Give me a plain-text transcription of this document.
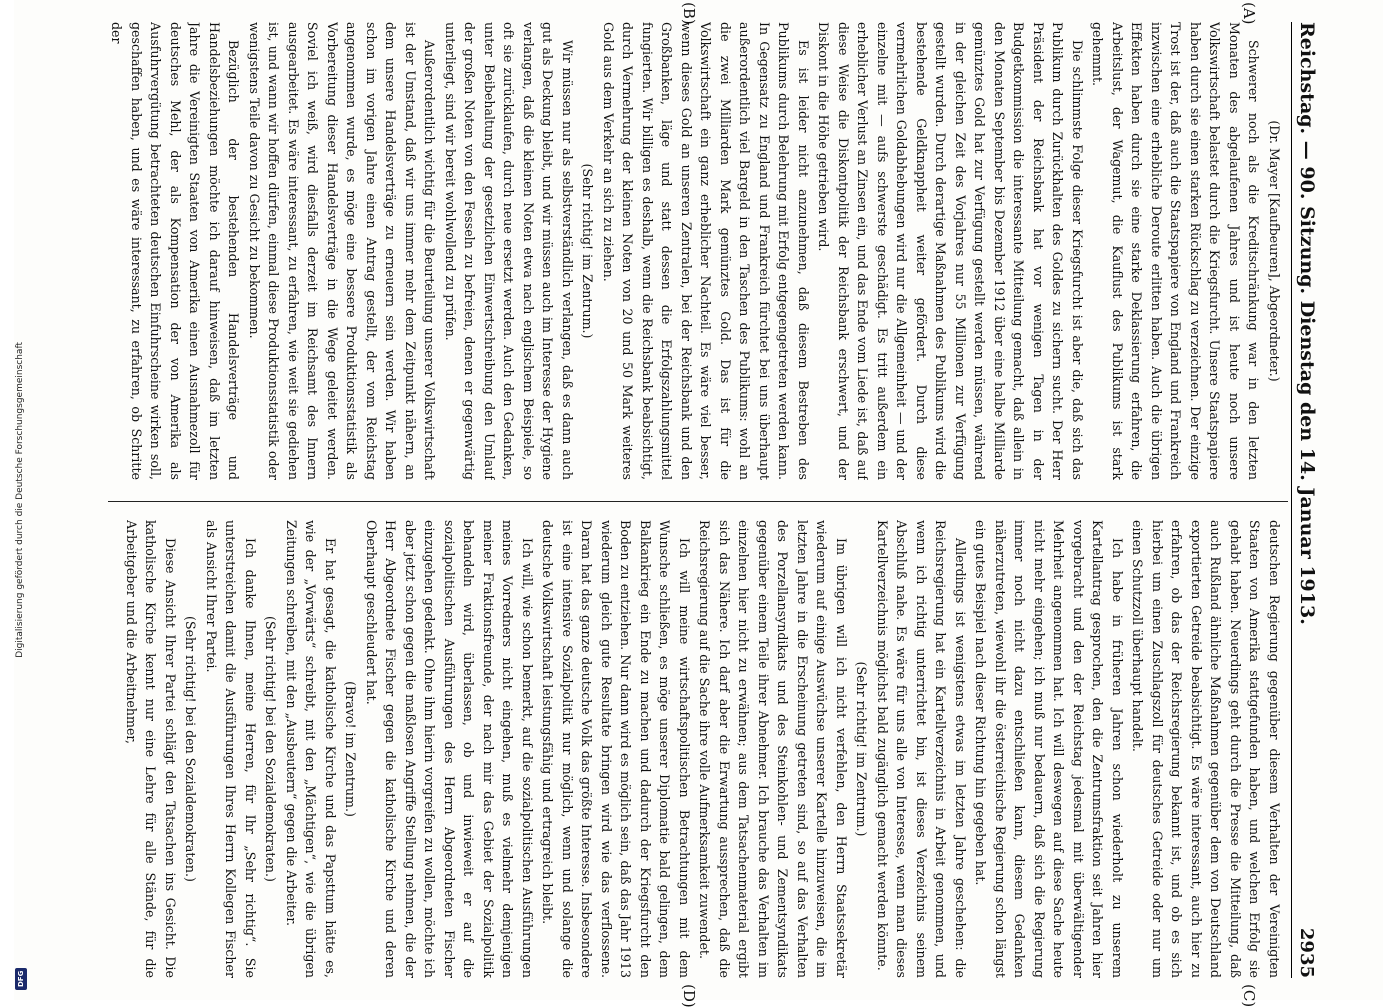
Digitalisierung gefördert durch die Deutsche Forschungsgemeinschaft
DFG
Reichstag. — 90. Sitzung. Dienstag den 14. Januar 1913.
2935
(A)
(B)
(C)
(D)

(Dr. Mayer [Kaufbeuren], Abgeordneter.)

Schwerer noch als die Kreditschränkung war in den letzten Monaten des abgelaufenen Jahres und ist heute noch unsere Volkswirtschaft belastet durch die Kriegsfurcht. Unsere Staatspapiere haben durch sie einen starken Rückschlag zu verzeichnen. Der einzige Trost ist der, daß auch die Staatspapiere von England und Frankreich inzwischen eine erhebliche Deroute erlitten haben. Auch die übrigen Effekten haben durch sie eine starke Deklassierung erfahren, die Arbeitslust, der Wagemut, die Kauflust des Publikums ist stark gehemmt.

Die schlimmste Folge dieser Kriegsfurcht ist aber die, daß sich das Publikum durch Zurückhalten des Goldes zu sichern sucht. Der Herr Präsident der Reichsbank hat vor wenigen Tagen in der Budgetkommission die interessante Mitteilung gemacht, daß allein in den Monaten September bis Dezember 1912 über eine halbe Milliarde gemünztes Gold hat zur Verfügung gestellt werden müssen, während in der gleichen Zeit des Vorjahres nur 55 Millionen zur Verfügung gestellt wurden. Durch derartige Maßnahmen des Publikums wird die bestehende Geldknappheit weiter gefördert. Durch diese vermehrlichen Goldabhebungen wird nur die Allgemeinheit — und der einzelne mit — aufs schwerste geschädigt. Es tritt außerdem ein erheblicher Verlust an Zinsen ein, und das Ende vom Liede ist, daß auf diese Weise die Diskontpolitik der Reichsbank erschwert, und der Diskont in die Höhe getrieben wird.

Es ist leider nicht anzunehmen, daß diesem Bestreben des Publikums durch Belehrung mit Erfolg entgegengetreten werden kann. In Gegensatz zu England und Frankreich fürchtet bei uns überhaupt außerordentlich viel Bargeld in den Taschen des Publikums: wohl an die zwei Milliarden Mark gemünztes Gold. Das ist für die Volkswirtschaft ein ganz erheblicher Nachteil. Es wäre viel besser, wenn dieses Gold an unseren Zentralen, bei der Reichsbank und den Großbanken, läge und statt dessen die Erfolgszahlungsmittel fungierten. Wir billigen es deshalb, wenn die Reichsbank beabsichtigt, durch Vermehrung der kleinen Noten von 20 und 50 Mark weiteres Gold aus dem Verkehr an sich zu ziehen.

(Sehr richtig! im Zentrum.)

Wir müssen nur als selbstverständlich verlangen, daß es dann auch gut als Deckung bleibt, und wir müssen auch im Interesse der Hygiene verlangen, daß die kleinen Noten etwa nach englischem Beispiele, so oft sie zurücklaufen, durch neue ersetzt werden. Auch den Gedanken, unter Beibehaltung der gesetzlichen Einwertschreibung den Umlauf der großen Noten von den Fesseln zu befreien, denen er gegenwärtig unterliegt, sind wir bereit wohlwollend zu prüfen.

Außerordentlich wichtig für die Beurteilung unserer Volkswirtschaft ist der Umstand, daß wir uns immer mehr dem Zeitpunkt nähern, an dem unsere Handelsverträge zu erneuern sein werden. Wir haben schon im vorigen Jahre einen Antrag gestellt, der vom Reichstag angenommen wurde, es möge eine bessere Produktionsstatistik als Vorbereitung dieser Handelsverträge in die Wege geleitet werden. Soviel ich weiß, wird diesfalls derzeit im Reichsamt des Innern ausgearbeitet. Es wäre interessant, zu erfahren, wie weit sie gediehen ist, und wann wir hoffen dürfen, einmal diese Produktionsstatistik oder wenigstens Teile davon zu Gesicht zu bekommen.

Bezüglich der bestehenden Handelsverträge und Handelsbeziehungen möchte ich darauf hinweisen, daß im letzten Jahre die Vereinigten Staaten von Amerika einen Ausnahmezoll für deutsches Mehl, der als Kompensation der von Amerika als Ausfuhrvergütung betrachteten deutschen Einfuhrscheine wirken soll, geschaffen haben, und es wäre interessant, zu erfahren, ob Schritte der

deutschen Regierung gegenüber diesem Verhalten der Vereinigten Staaten von Amerika stattgefunden haben, und welchen Erfolg sie gehabt haben. Neuerdings geht durch die Presse die Mitteilung, daß auch Rußland ähnliche Maßnahmen gegenüber dem von Deutschland exportierten Getreide beabsichtigt. Es wäre interessant, auch hier zu erfahren, ob das der Reichsregierung bekannt ist, und ob es sich hierbei um einen Zuschlagszoll für deutsches Getreide oder nur um einen Schutzzoll überhaupt handelt.

Ich habe in früheren Jahren schon wiederholt zu unserem Kartellantrag gesprochen, den die Zentrumsfraktion seit Jahren hier vorgebracht und den der Reichstag jedesmal mit überwältigender Mehrheit angenommen hat. Ich will deswegen auf diese Sache heute nicht mehr eingehen; ich muß nur bedauern, daß sich die Regierung immer noch nicht dazu entschließen kann, diesem Gedanken näherzutreten, wiewohl ihr die österreichische Regierung schon längst ein gutes Beispiel nach dieser Richtung hin gegeben hat.

Allerdings ist wenigstens etwas im letzten Jahre geschehen: die Reichsregierung hat ein Kartellverzeichnis in Arbeit genommen, und wenn ich richtig unterrichtet bin, ist dieses Verzeichnis seinem Abschluß nahe. Es wäre für uns alle von Interesse, wenn man dieses Kartellverzeichnis möglichst bald zugänglich gemacht werden könnte.

(Sehr richtig! im Zentrum.)

Im übrigen will ich nicht verfehlen, den Herrn Staatssekretär wiederum auf einige Auswüchse unserer Kartelle hinzuweisen, die im letzten Jahre in die Erscheinung getreten sind, so auf das Verhalten des Porzellansyndikats und des Steinkohlen- und Zementsyndikats gegenüber einem Teile ihrer Abnehmer. Ich brauche das Verhalten im einzelnen hier nicht zu erwähnen; aus dem Tatsachenmaterial ergibt sich das Nähere. Ich darf aber die Erwartung aussprechen, daß die Reichsregierung auf die Sache ihre volle Aufmerksamkeit zuwendet.

Ich will meine wirtschaftspolitischen Betrachtungen mit dem Wunsche schließen, es möge unserer Diplomatie bald gelingen, dem Balkankrieg ein Ende zu machen und dadurch der Kriegsfurcht den Boden zu entziehen. Nur dann wird es möglich sein, daß das Jahr 1913 wiederum gleich gute Resultate bringen wird wie das verflossene. Daran hat das ganze deutsche Volk das größte Interesse. Insbesondere ist eine intensive Sozialpolitik nur möglich, wenn und solange die deutsche Volkswirtschaft leistungsfähig und ertragreich bleibt.

Ich will, wie schon bemerkt, auf die sozialpolitischen Ausführungen meines Vorredners nicht eingehen, muß es vielmehr demjenigen meiner Fraktionsfreunde, der nach mir das Gebiet der Sozialpolitik behandeln wird, überlassen, ob und inwieweit er auf die sozialpolitischen Ausführungen des Herrn Abgeordneten Fischer einzugehen gedenkt. Ohne ihm hierin vorgreifen zu wollen, möchte ich aber jetzt schon gegen die maßlosen Angriffe Stellung nehmen, die der Herr Abgeordnete Fischer gegen die katholische Kirche und deren Oberhaupt geschleudert hat.

(Bravo! im Zentrum.)

Er hat gesagt, die katholische Kirche und das Papsttum hätte es, wie der „Vorwärts“ schreibt, mit den „Mächtigen“, wie die übrigen Zeitungen schreiben, mit den „Ausbeutern“ gegen die Arbeiter.

(Sehr richtig! bei den Sozialdemokraten.)

Ich danke Ihnen, meine Herren, für Ihr „Sehr richtig“. Sie unterstreichen damit die Ausführungen Ihres Herrn Kollegen Fischer als Ansicht Ihrer Partei.

(Sehr richtig! bei den Sozialdemokraten.)

Diese Ansicht Ihrer Partei schlägt den Tatsachen ins Gesicht. Die katholische Kirche kennt nur eine Lehre für alle Stände, für die Arbeitgeber und die Arbeitnehmer,
